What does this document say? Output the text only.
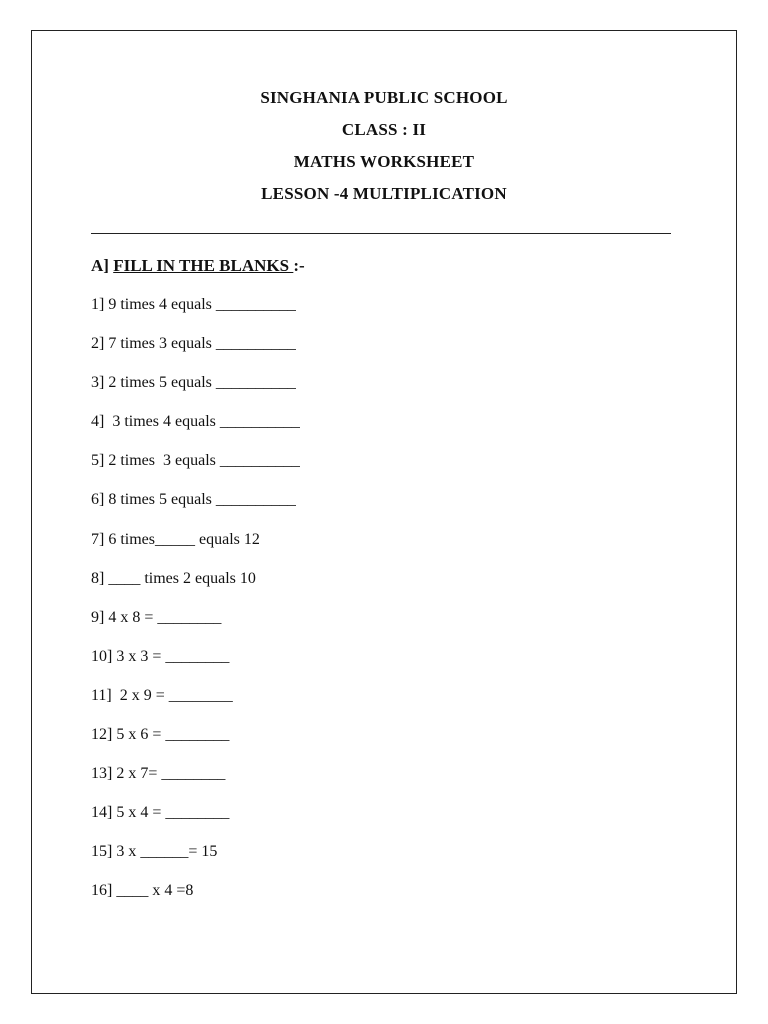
SINGHANIA PUBLIC SCHOOL
CLASS : II
MATHS WORKSHEET
LESSON -4 MULTIPLICATION
A] FILL IN THE BLANKS :-
1] 9 times 4 equals __________
2] 7 times 3 equals __________
3] 2 times 5 equals __________
4]  3 times 4 equals __________
5] 2 times  3 equals __________
6] 8 times 5 equals __________
7] 6 times_____ equals 12
8] ____ times 2 equals 10
9] 4 x 8 = ________
10] 3 x 3 = ________
11]  2 x 9 = ________
12] 5 x 6 = ________
13] 2 x 7= ________
14] 5 x 4 = ________
15] 3 x ______= 15
16] ____ x 4 =8
